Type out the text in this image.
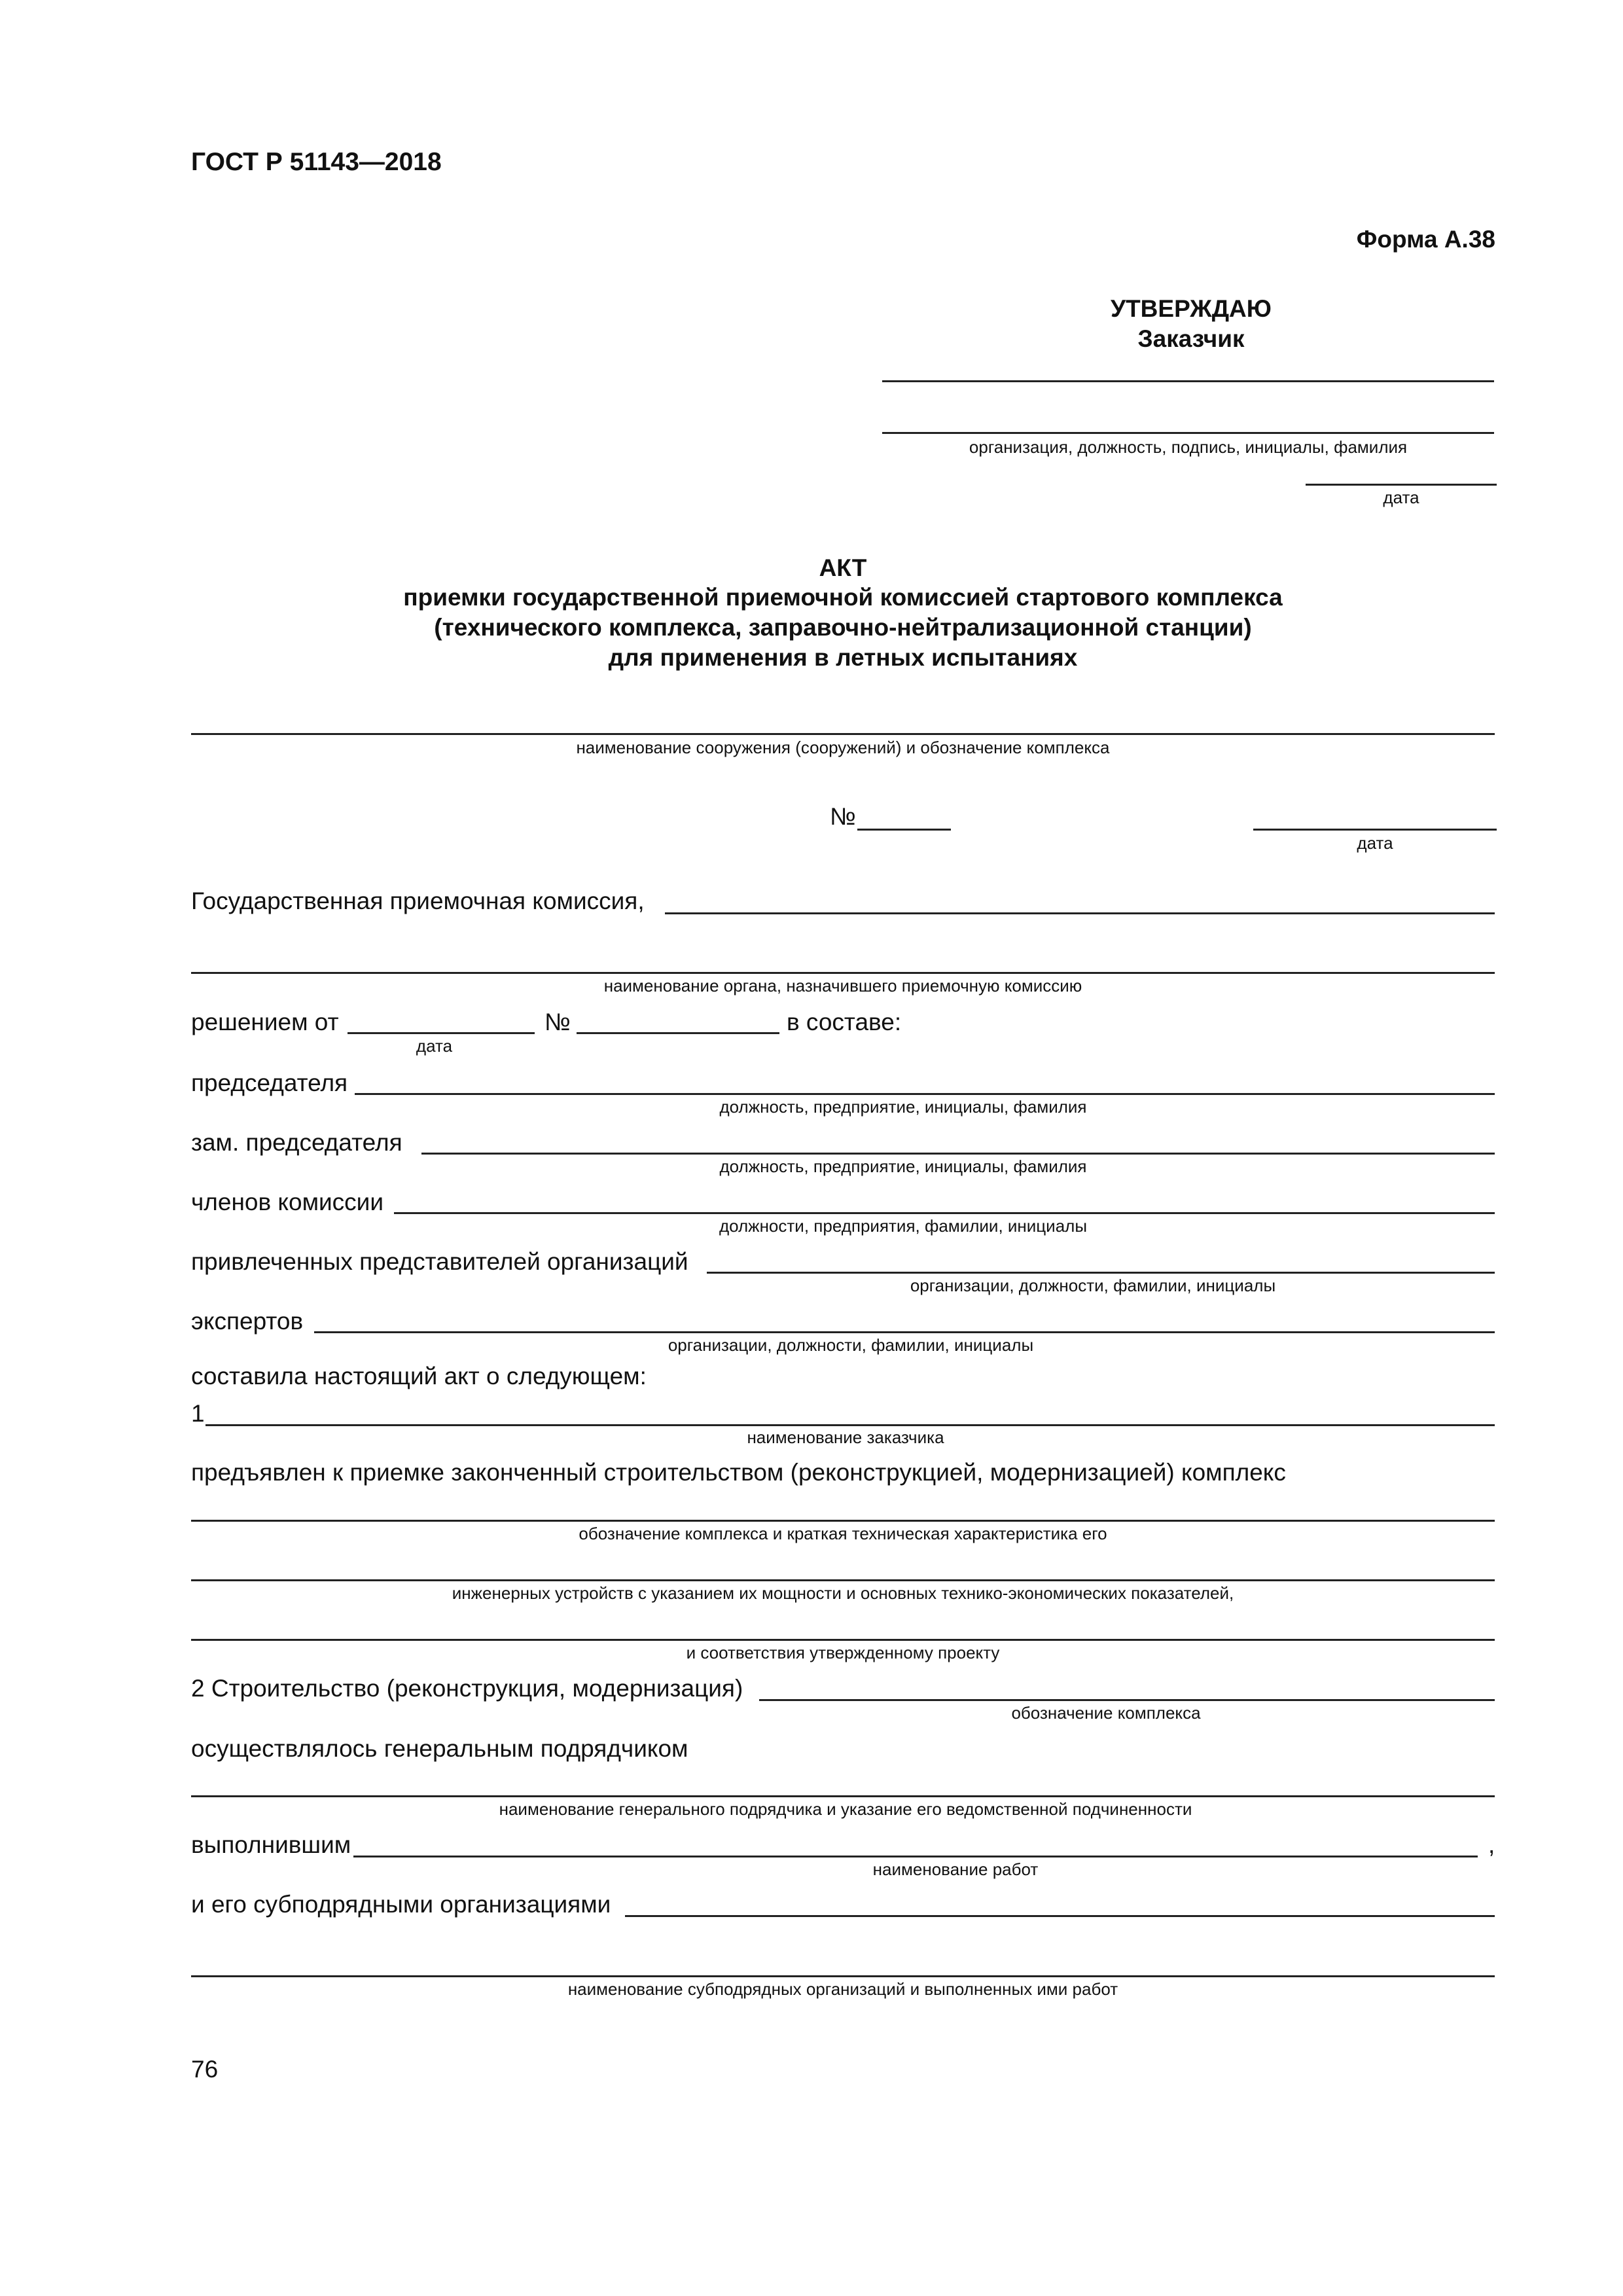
ГОСТ Р 51143—2018
Форма А.38
УТВЕРЖДАЮ
Заказчик
организация, должность, подпись, инициалы, фамилия
дата
АКТ
приемки государственной приемочной комиссией стартового комплекса
(технического комплекса, заправочно-нейтрализационной станции)
для применения в летных испытаниях
наименование сооружения (сооружений) и обозначение комплекса
№
дата
Государственная приемочная комиссия,
наименование органа, назначившего приемочную комиссию
решением от
дата
№	в составе:
председателя
должность, предприятие, инициалы, фамилия
зам. председателя
должность, предприятие, инициалы, фамилия
членов комиссии
должности, предприятия, фамилии, инициалы
привлеченных представителей организаций
организации, должности, фамилии, инициалы
экспертов
организации, должности, фамилии, инициалы
составила настоящий акт о следующем:
1
наименование заказчика
предъявлен к приемке законченный строительством (реконструкцией, модернизацией) комплекс
обозначение комплекса и краткая техническая характеристика его
инженерных устройств с указанием их мощности и основных технико-экономических показателей,
и соответствия утвержденному проекту
2 Строительство (реконструкция, модернизация)
обозначение комплекса
осуществлялось генеральным подрядчиком
наименование генерального подрядчика и указание его ведомственной подчиненности
выполнившим	,
наименование работ
и его субподрядными организациями
наименование субподрядных организаций и выполненных ими работ
76
